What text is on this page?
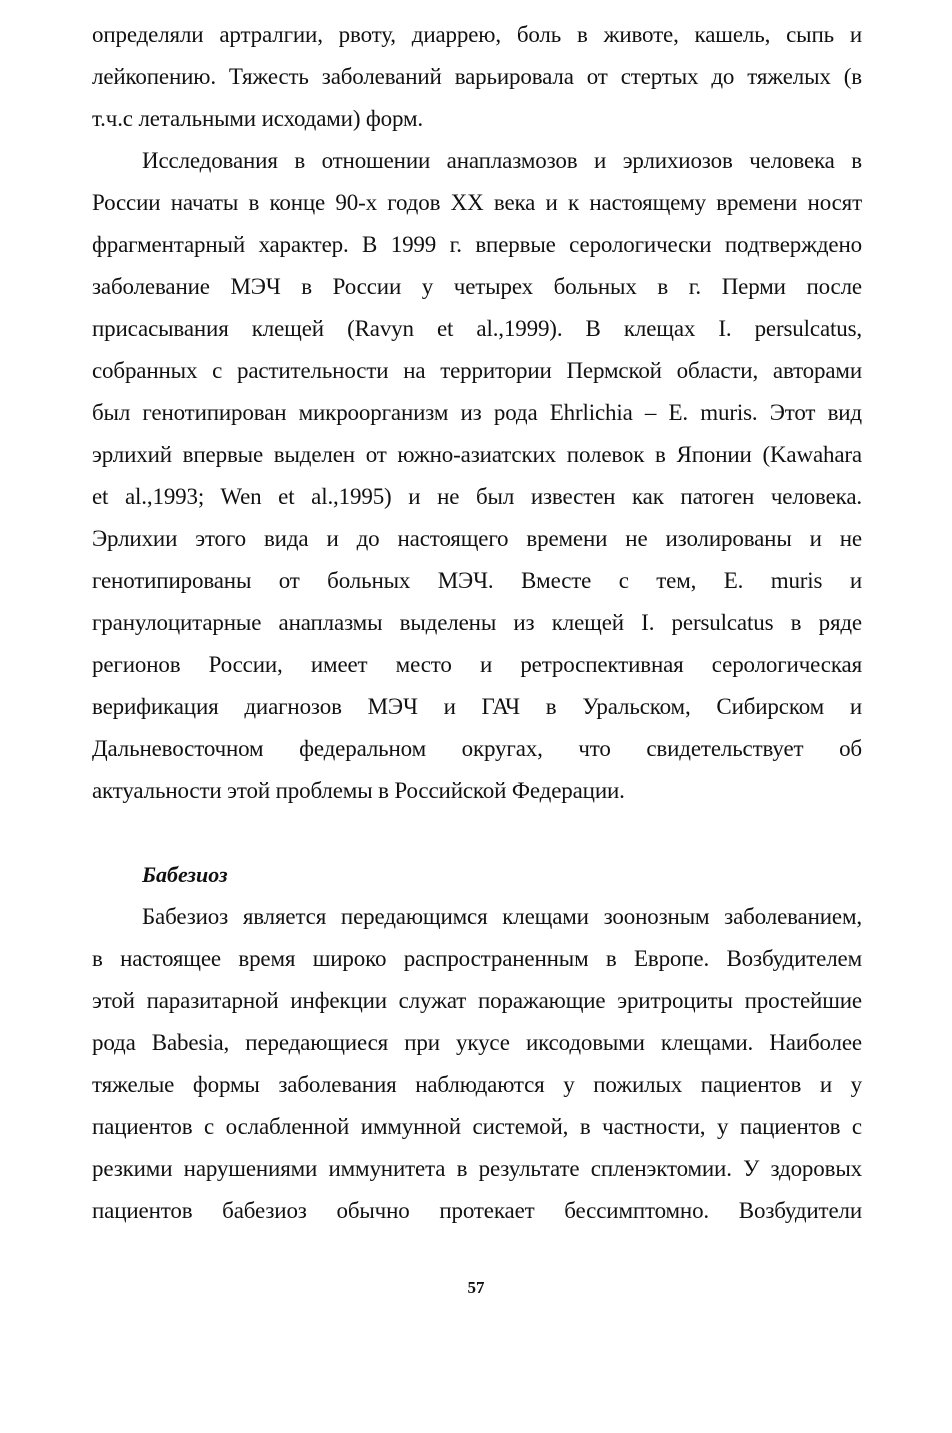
определяли артралгии, рвоту, диаррею, боль в животе, кашель, сыпь и
лейкопению. Тяжесть заболеваний варьировала от стертых до тяжелых (в
т.ч.с летальными исходами) форм.
Исследования в отношении анаплазмозов и эрлихиозов человека в
России начаты в конце 90-х годов XX века и к настоящему времени носят
фрагментарный характер. В 1999 г. впервые серологически подтверждено
заболевание МЭЧ в России у четырех больных в г. Перми после
присасывания клещей (Ravyn et al.,1999). В клещах I. persulcatus,
собранных с растительности на территории Пермской области, авторами
был генотипирован микроорганизм из рода Ehrlichia – E. muris. Этот вид
эрлихий впервые выделен от южно-азиатских полевок в Японии (Kawahara
et al.,1993; Wen et al.,1995) и не был известен как патоген человека.
Эрлихии этого вида и до настоящего времени не изолированы и не
генотипированы от больных МЭЧ. Вместе с тем, E. muris и
гранулоцитарные анаплазмы выделены из клещей I. persulcatus в ряде
регионов России, имеет место и ретроспективная серологическая
верификация диагнозов МЭЧ и ГАЧ в Уральском, Сибирском и
Дальневосточном федеральном округах, что свидетельствует об
актуальности этой проблемы в Российской Федерации.
Бабезиоз
Бабезиоз является передающимся клещами зоонозным заболеванием,
в настоящее время широко распространенным в Европе. Возбудителем
этой паразитарной инфекции служат поражающие эритроциты простейшие
рода Babesia, передающиеся при укусе иксодовыми клещами. Наиболее
тяжелые формы заболевания наблюдаются у пожилых пациентов и у
пациентов с ослабленной иммунной системой, в частности, у пациентов с
резкими нарушениями иммунитета в результате спленэктомии. У здоровых
пациентов бабезиоз обычно протекает бессимптомно. Возбудители
57
